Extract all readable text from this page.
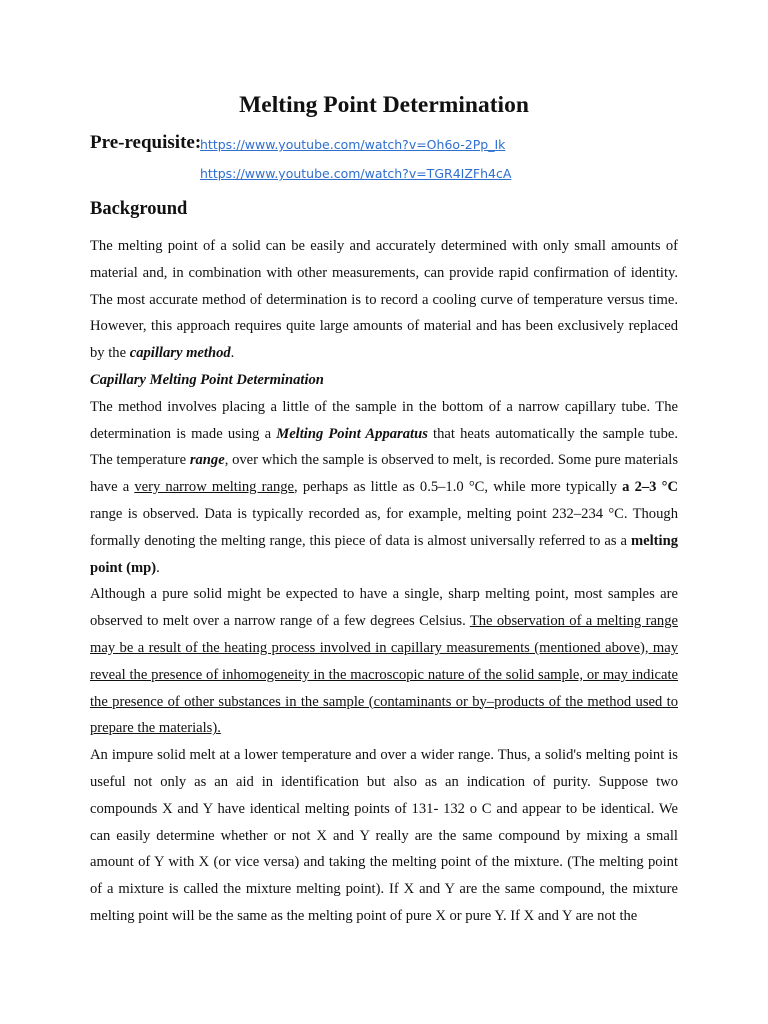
Melting Point Determination
Pre-requisite:
https://www.youtube.com/watch?v=Oh6o-2Pp_Ik
https://www.youtube.com/watch?v=TGR4IZFh4cA
Background

The melting point of a solid can be easily and accurately determined with only small amounts of material and, in combination with other measurements, can provide rapid confirmation of identity. The most accurate method of determination is to record a cooling curve of temperature versus time. However, this approach requires quite large amounts of material and has been exclusively replaced by the capillary method.

Capillary Melting Point Determination

The method involves placing a little of the sample in the bottom of a narrow capillary tube. The determination is made using a Melting Point Apparatus that heats automatically the sample tube. The temperature range, over which the sample is observed to melt, is recorded. Some pure materials have a very narrow melting range, perhaps as little as 0.5–1.0 °C, while more typically a 2–3 °C range is observed. Data is typically recorded as, for example, melting point 232–234 °C. Though formally denoting the melting range, this piece of data is almost universally referred to as a melting point (mp).

Although a pure solid might be expected to have a single, sharp melting point, most samples are observed to melt over a narrow range of a few degrees Celsius. The observation of a melting range may be a result of the heating process involved in capillary measurements (mentioned above), may reveal the presence of inhomogeneity in the macroscopic nature of the solid sample, or may indicate the presence of other substances in the sample (contaminants or by–products of the method used to prepare the materials).

An impure solid melt at a lower temperature and over a wider range. Thus, a solid's melting point is useful not only as an aid in identification but also as an indication of purity. Suppose two compounds X and Y have identical melting points of 131- 132 o C and appear to be identical. We can easily determine whether or not X and Y really are the same compound by mixing a small amount of Y with X (or vice versa) and taking the melting point of the mixture. (The melting point of a mixture is called the mixture melting point). If X and Y are the same compound, the mixture melting point will be the same as the melting point of pure X or pure Y. If X and Y are not the
